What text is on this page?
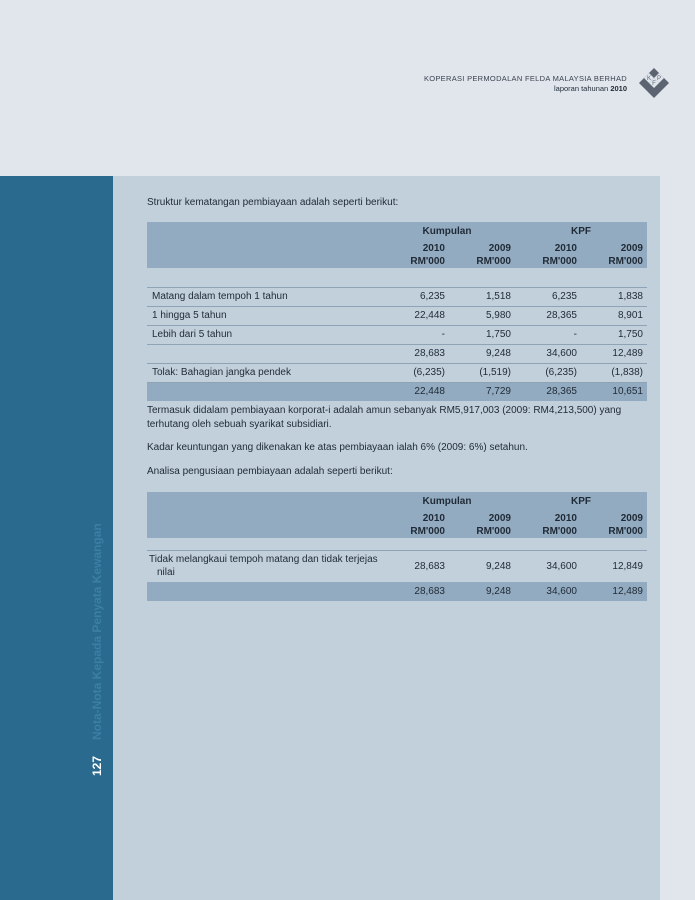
KOPERASI PERMODALAN FELDA MALAYSIA BERHAD
laporan tahunan 2010
K P
F
Nota-Nota Kepada Penyata Kewangan
127
Struktur kematangan pembiayaan adalah seperti berikut:
	Kumpulan		KPF	
	2010
RM'000	2009
RM'000	2010
RM'000	2009
RM'000

Matang dalam tempoh 1 tahun	6,235	1,518	6,235	1,838
1 hingga 5 tahun	22,448	5,980	28,365	8,901
Lebih dari 5 tahun	-	1,750	-	1,750
	28,683	9,248	34,600	12,489
Tolak: Bahagian jangka pendek	(6,235)	(1,519)	(6,235)	(1,838)
	22,448	7,729	28,365	10,651
Termasuk didalam pembiayaan korporat-i adalah amun sebanyak RM5,917,003 (2009: RM4,213,500) yang terhutang oleh sebuah syarikat subsidiari.
Kadar keuntungan yang dikenakan ke atas pembiayaan ialah 6% (2009: 6%) setahun.
Analisa pengusiaan pembiayaan adalah seperti berikut:
	Kumpulan		KPF	
	2010
RM'000	2009
RM'000	2010
RM'000	2009
RM'000

Tidak melangkaui tempoh matang dan tidak terjejas
nilai	28,683	9,248	34,600	12,849
	28,683	9,248	34,600	12,489
